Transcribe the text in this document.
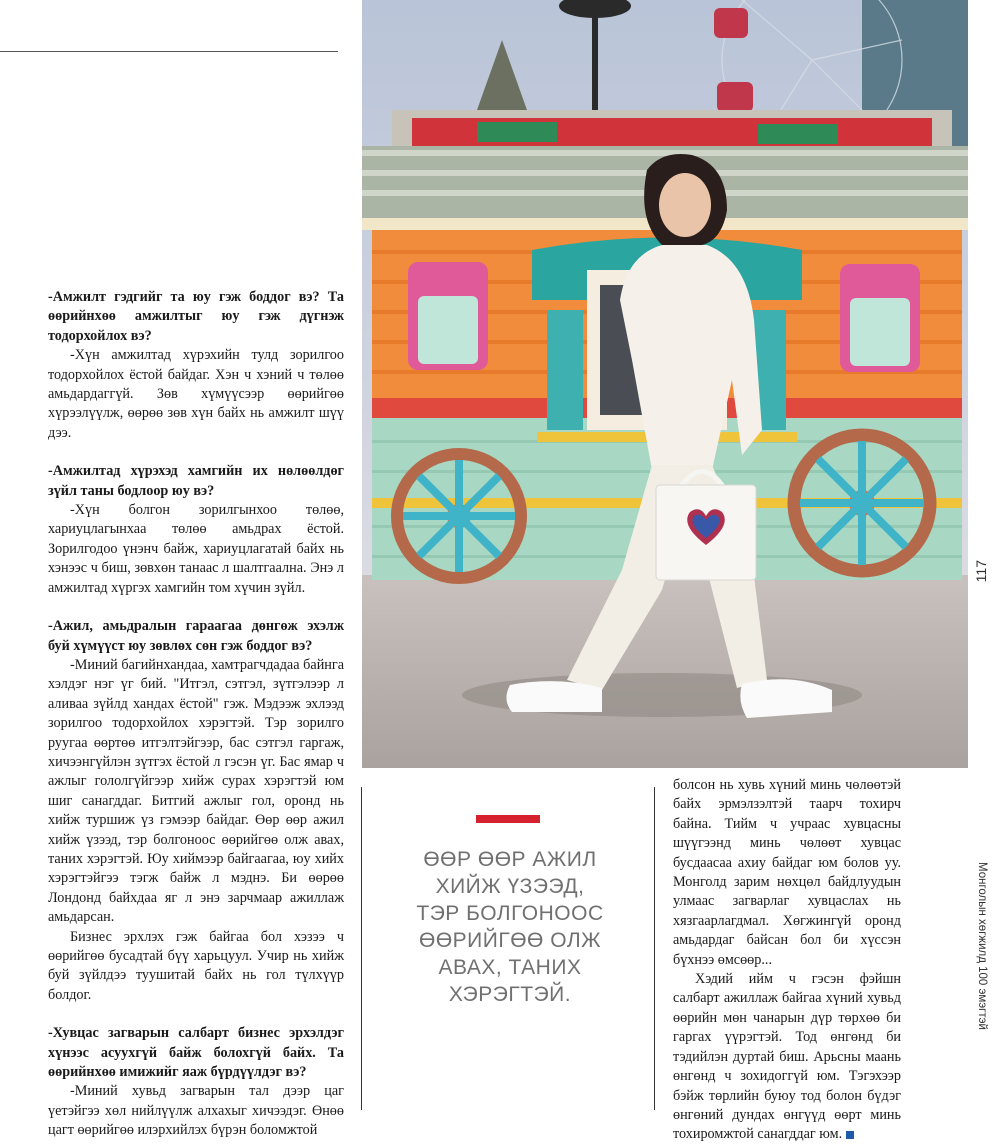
-Амжилт гэдгийг та юу гэж боддог вэ? Та өөрийнхөө амжилтыг юу гэж дүгнэж тодорхойлох вэ?

-Хүн амжилтад хүрэхийн тулд зорилгоо тодорхойлох ёстой байдаг. Хэн ч хэний ч төлөө амьдардаггүй. Зөв хүмүүсээр өөрийгөө хүрээлүүлж, өөрөө зөв хүн байх нь амжилт шүү дээ.

-Амжилтад хүрэхэд хамгийн их нөлөөлдөг зүйл таны бодлоор юу вэ?

-Хүн болгон зорилгынхоо төлөө, хариуцлагынхаа төлөө амьдрах ёстой. Зорилгодоо үнэнч байж, хариуцлагатай байх нь хэнээс ч биш, зөвхөн танаас л шалтгаална. Энэ л амжилтад хүргэх хамгийн том хүчин зүйл.

-Ажил, амьдралын гараагаа дөнгөж эхэлж буй хүмүүст юу зөвлөх сөн гэж боддог вэ?

-Миний багийнхандаа, хамтрагчдадаа байнга хэлдэг нэг үг бий. "Итгэл, сэтгэл, зүтгэлээр л аливаа зүйлд хандах ёстой" гэж. Мэдээж эхлээд зорилгоо тодорхойлох хэрэгтэй. Тэр зорилго руугаа өөртөө итгэлтэйгээр, бас сэтгэл гаргаж, хичээнгүйлэн зүтгэх ёстой л гэсэн үг. Бас ямар ч ажлыг гололгүйгээр хийж сурах хэрэгтэй юм шиг санагддаг. Битгий ажлыг гол, оронд нь хийж туршиж үз гэмээр байдаг. Өөр өөр ажил хийж үзээд, тэр болгоноос өөрийгөө олж авах, таних хэрэгтэй. Юу хиймээр байгаагаа, юу хийх хэрэгтэйгээ тэгж байж л мэднэ. Би өөрөө Лондонд байхдаа яг л энэ зарчмаар ажиллаж амьдарсан.

Бизнес эрхлэх гэж байгаа бол хэзээ ч өөрийгөө бусадтай бүү харьцуул. Учир нь хийж буй зүйлдээ туушитай байх нь гол түлхүүр болдог.

-Хувцас загварын салбарт бизнес эрхэлдэг хүнээс асуухгүй байж болохгүй байх. Та өөрийнхөө имижийг яаж бүрдүүлдэг вэ?

-Миний хувьд загварын тал дээр цаг үетэйгээ хөл нийлүүлж алхахыг хичээдэг. Өнөө цагт өөрийгөө илэрхийлэх бүрэн боломжтой

117
Монголын хөгжилд 100 эмэгтэй
ӨӨР ӨӨР АЖИЛ
ХИЙЖ ҮЗЭЭД,
ТЭР БОЛГОНООС
ӨӨРИЙГӨӨ ОЛЖ
АВАХ, ТАНИХ
ХЭРЭГТЭЙ.

болсон нь хувь хүний минь чөлөөтэй байх эрмэлзэлтэй таарч тохирч байна. Тийм ч учраас хувцасны шүүгээнд минь чөлөөт хувцас бусдаасаа ахиу байдаг юм болов уу. Монголд зарим нөхцөл байдлуудын улмаас загварлаг хувцаслах нь хязгаарлагдмал. Хөгжингүй оронд амьдардаг байсан бол би хүссэн бүхнээ өмсөөр...

Хэдий ийм ч гэсэн фэйшн салбарт ажиллаж байгаа хүний хувьд өөрийн мөн чанарын дүр төрхөө би гаргах үүрэгтэй. Тод өнгөнд би тэдийлэн дуртай биш. Арьсны маань өнгөнд ч зохидоггүй юм. Тэгэхээр бэйж төрлийн буюу тод болон бүдэг өнгөний дундах өнгүүд өөрт минь тохиромжтой санагддаг юм.
